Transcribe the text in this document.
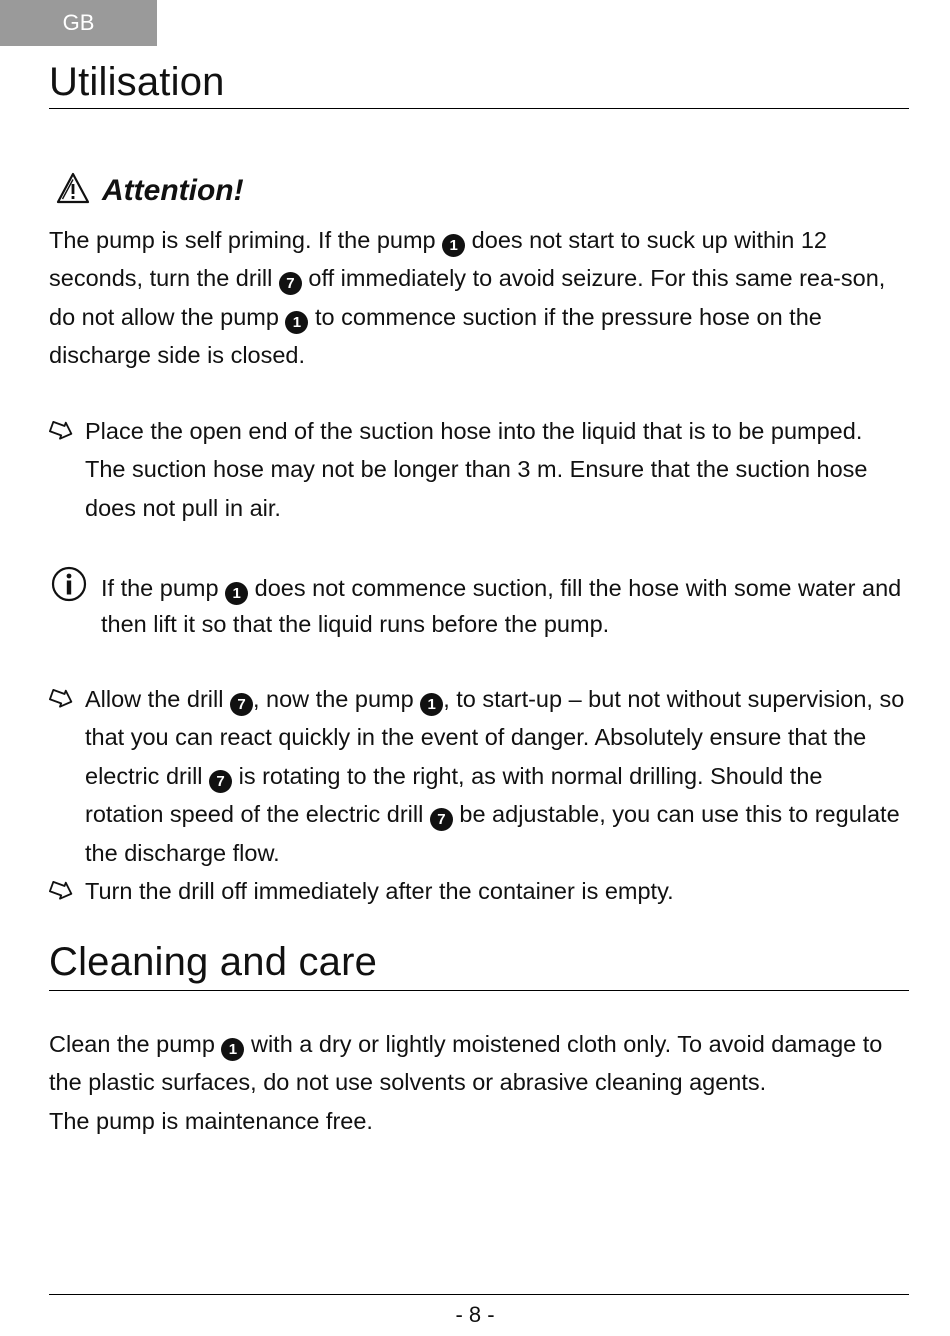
GB
Utilisation
Attention!

The pump is self priming. If the pump 1 does not start to suck up within 12 seconds, turn the drill 7 off immediately to avoid seizure. For this same rea-son, do not allow the pump 1 to commence suction if the pressure hose on the discharge side is closed.

Place the open end of the suction hose into the liquid that is to be pumped. The suction hose may not be longer than 3 m. Ensure that the suction hose does not pull in air.
If the pump 1 does not commence suction, fill the hose with some water and then lift it so that the liquid runs before the pump.
Allow the drill 7 , now the pump 1 , to start-up – but not without supervision, so that you can react quickly in the event of danger. Absolutely ensure that the electric drill 7 is rotating to the right, as with normal drilling. Should the rotation speed of the electric drill 7 be adjustable, you can use this to regulate the discharge flow.
Turn the drill off immediately after the container is empty.
Cleaning and care

Clean the pump 1 with a dry or lightly moistened cloth only. To avoid damage to the plastic surfaces, do not use solvents or abrasive cleaning agents.
The pump is maintenance free.

- 8 -
